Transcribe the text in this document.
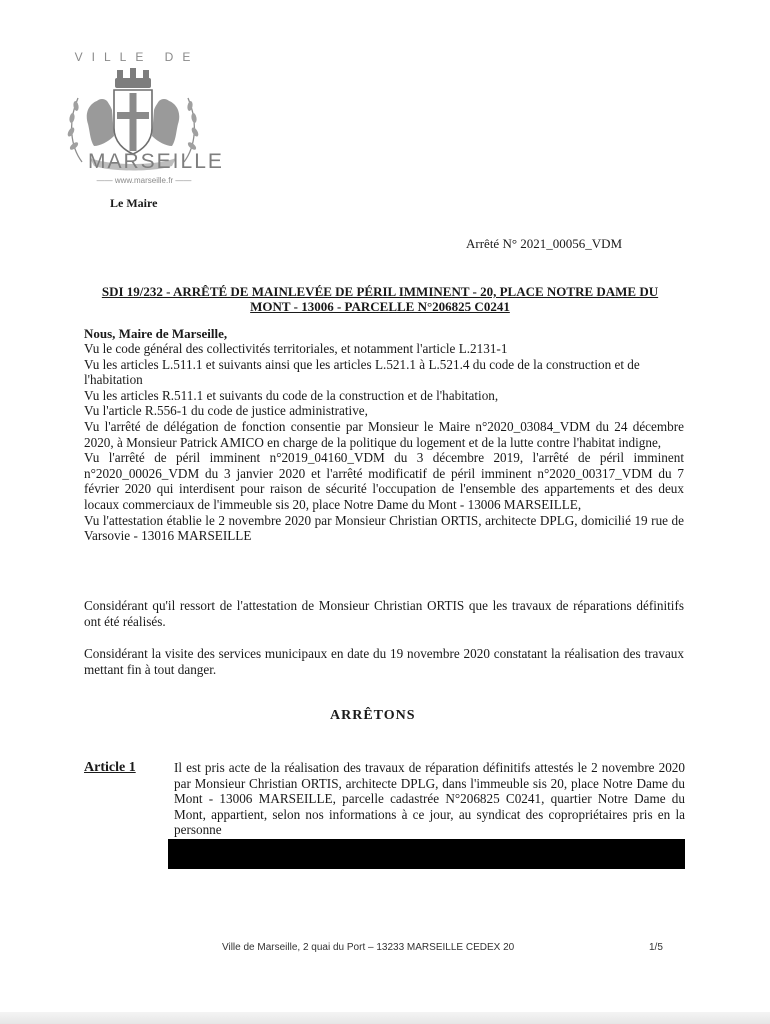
VILLE DE
MARSEILLE
—— www.marseille.fr ——
Le Maire
Arrêté N° 2021_00056_VDM
SDI 19/232 - ARRÊTÉ DE MAINLEVÉE DE PÉRIL IMMINENT - 20, PLACE NOTRE DAME DU
MONT - 13006 - PARCELLE N°206825 C0241
Nous, Maire de Marseille,

Vu le code général des collectivités territoriales, et notamment l'article L.2131-1

Vu les articles L.511.1 et suivants ainsi que les articles L.521.1 à L.521.4 du code de la construction et de l'habitation

Vu les articles R.511.1 et suivants du code de la construction et de l'habitation,

Vu l'article R.556-1 du code de justice administrative,

Vu l'arrêté de délégation de fonction consentie par Monsieur le Maire n°2020_03084_VDM du 24 décembre 2020, à Monsieur Patrick AMICO en charge de la politique du logement et de la lutte contre l'habitat indigne,

Vu l'arrêté de péril imminent n°2019_04160_VDM du 3 décembre 2019, l'arrêté de péril imminent n°2020_00026_VDM du 3 janvier 2020 et l'arrêté modificatif de péril imminent n°2020_00317_VDM du 7 février 2020 qui interdisent pour raison de sécurité l'occupation de l'ensemble des appartements et des deux locaux commerciaux de l'immeuble sis 20, place Notre Dame du Mont - 13006 MARSEILLE,

Vu l'attestation établie le 2 novembre 2020 par Monsieur Christian ORTIS, architecte DPLG, domicilié 19 rue de Varsovie - 13016 MARSEILLE

Considérant qu'il ressort de l'attestation de Monsieur Christian ORTIS que les travaux de réparations définitifs ont été réalisés.
Considérant la visite des services municipaux en date du 19 novembre 2020 constatant la réalisation des travaux mettant fin à tout danger.
ARRÊTONS
Article 1	Il est pris acte de la réalisation des travaux de réparation définitifs attestés le 2 novembre 2020 par Monsieur Christian ORTIS, architecte DPLG, dans l'immeuble sis 20, place Notre Dame du Mont - 13006 MARSEILLE, parcelle cadastrée N°206825 C0241, quartier Notre Dame du Mont, appartient, selon nos informations à ce jour, au syndicat des copropriétaires pris en la personne
Ville de Marseille, 2 quai du Port – 13233 MARSEILLE CEDEX 20	1/5
